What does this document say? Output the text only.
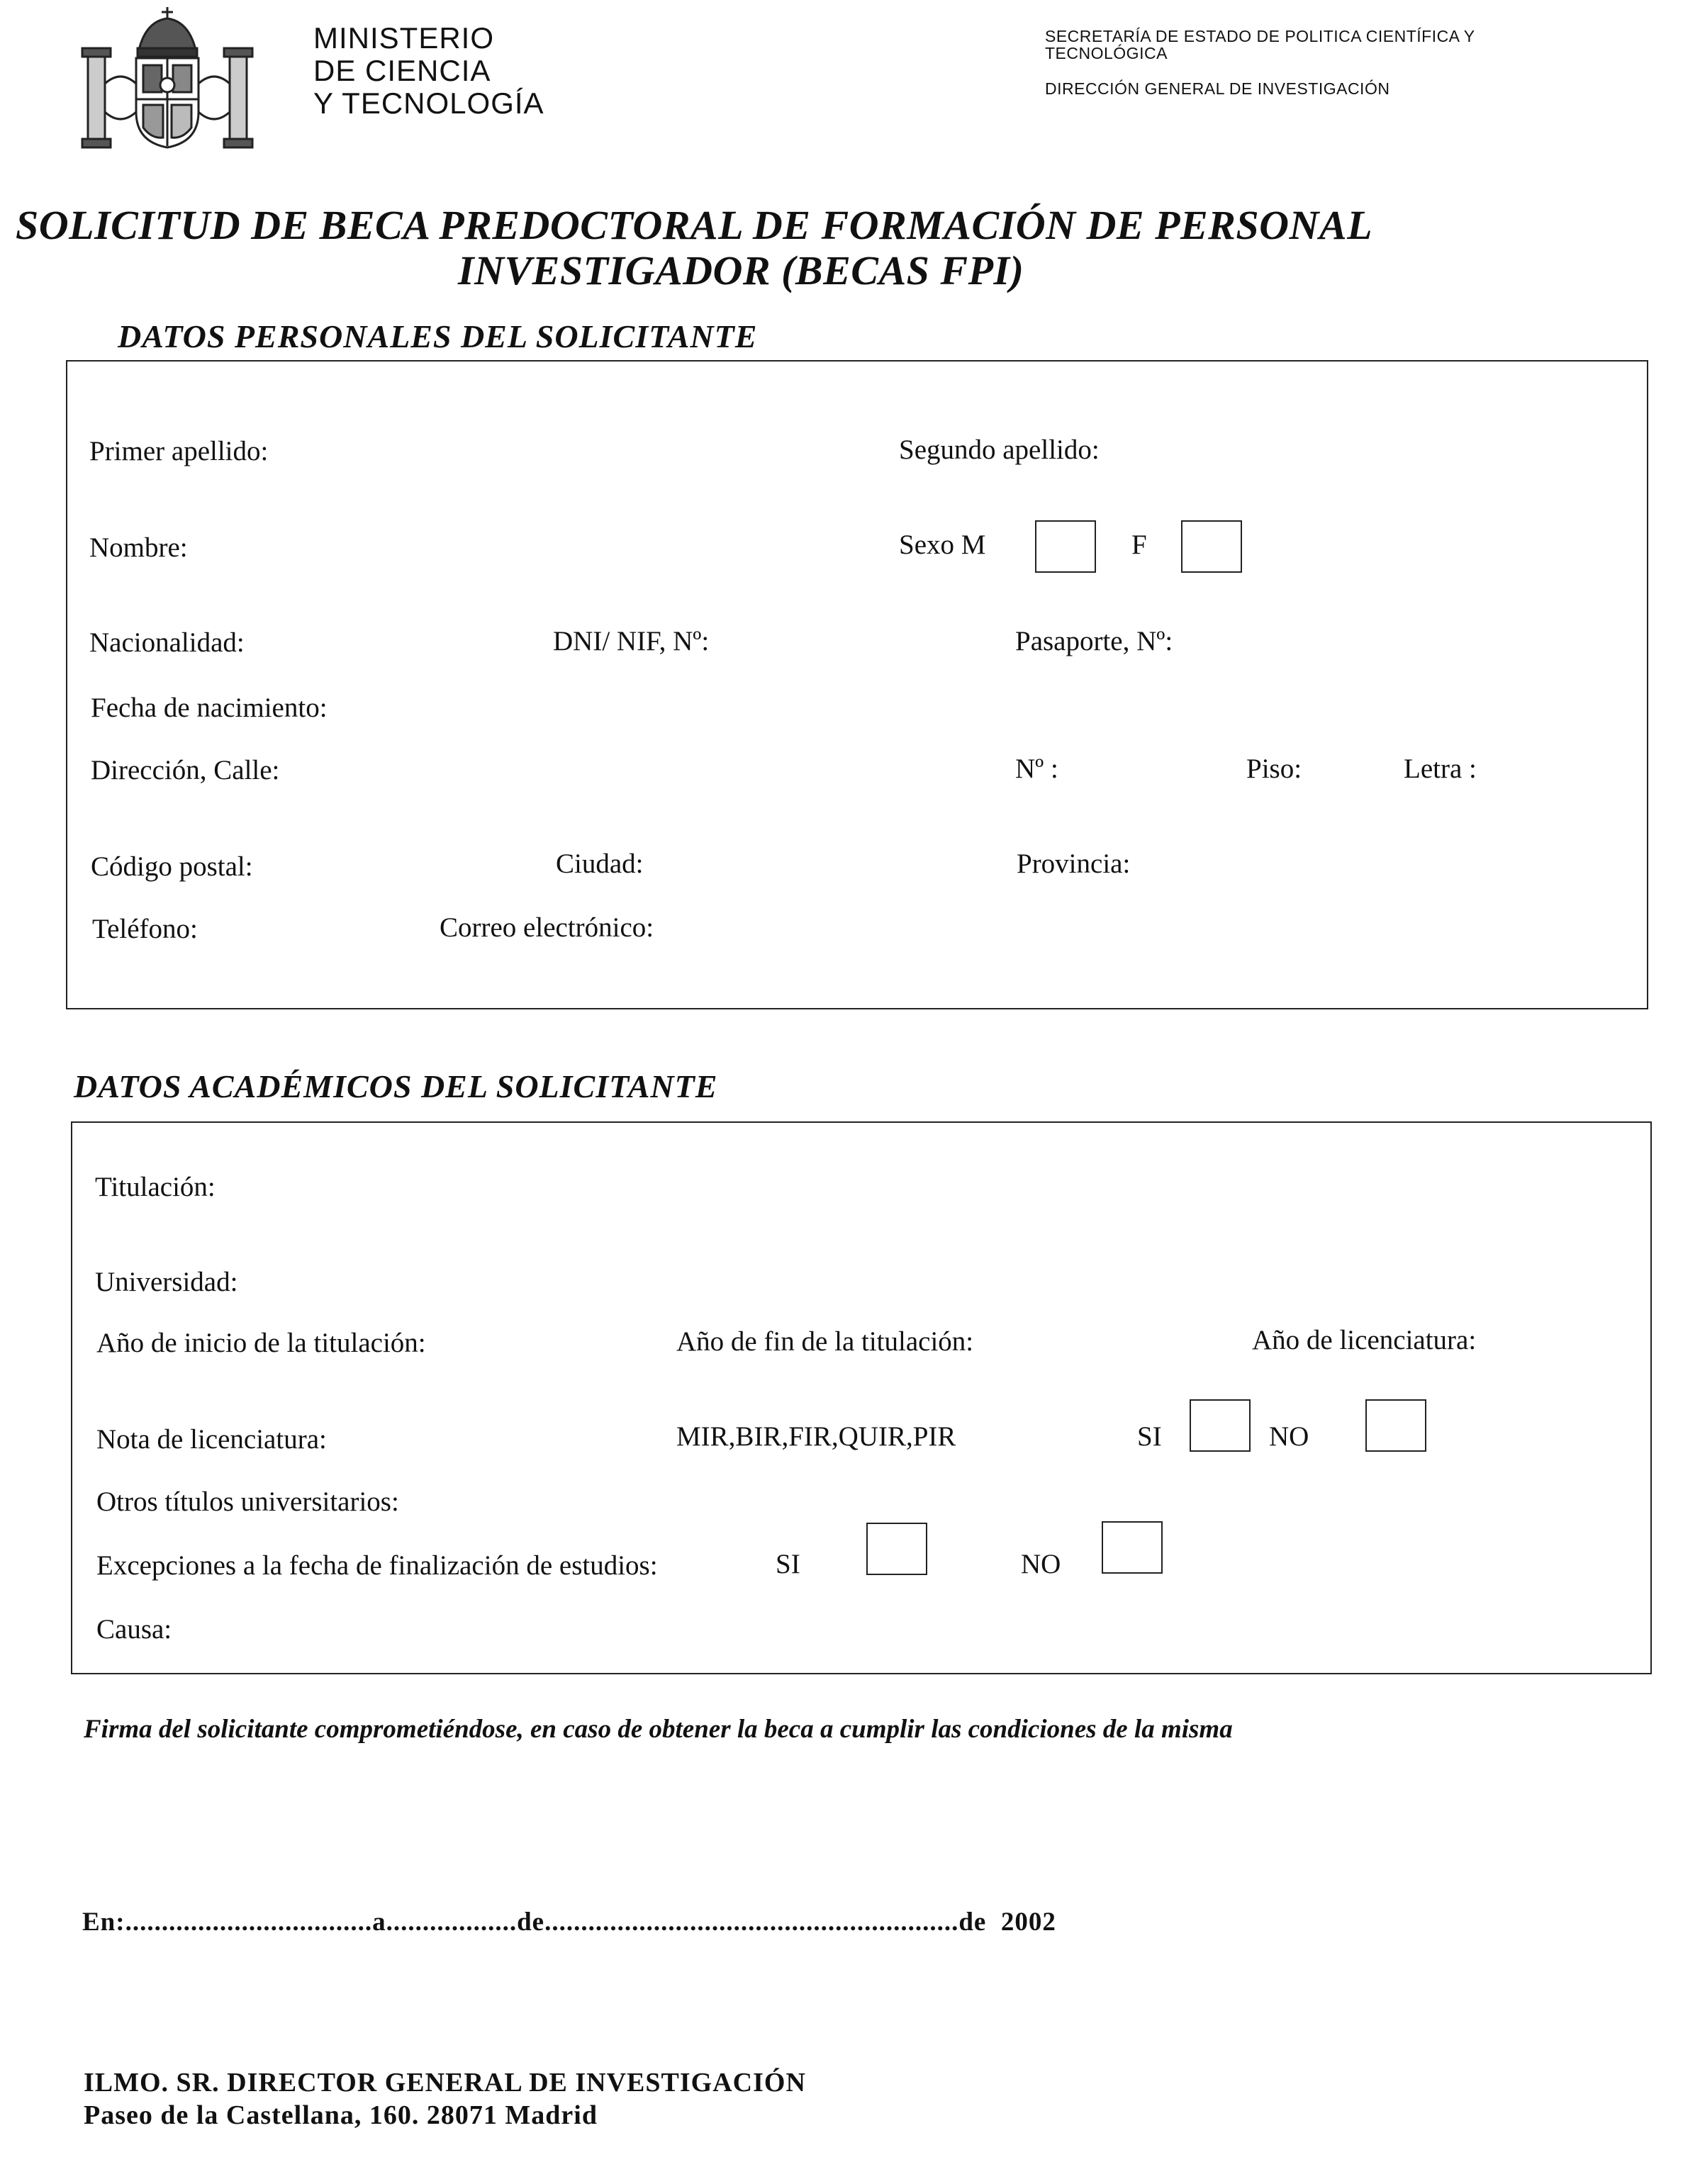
MINISTERIO
DE CIENCIA
Y TECNOLOGÍA
SECRETARÍA DE ESTADO DE POLITICA CIENTÍFICA Y
TECNOLÓGICA
DIRECCIÓN GENERAL DE INVESTIGACIÓN
SOLICITUD DE BECA PREDOCTORAL DE FORMACIÓN DE PERSONAL
INVESTIGADOR (BECAS FPI)
DATOS PERSONALES DEL SOLICITANTE
Primer apellido:	Segundo apellido:
Nombre:	Sexo M	F
Nacionalidad:	DNI/ NIF, Nº:	Pasaporte, Nº:
Fecha de nacimiento:
Dirección, Calle:	Nº :	Piso:	Letra :
Código postal:	Ciudad:	Provincia:
Teléfono:	Correo electrónico:
DATOS ACADÉMICOS DEL SOLICITANTE
Titulación:
Universidad:
Año de inicio de la titulación:	Año de fin de la titulación:	Año de licenciatura:
Nota de licenciatura:	MIR,BIR,FIR,QUIR,PIR	SI	NO
Otros títulos universitarios:
Excepciones a la fecha de finalización de estudios:	SI	NO
Causa:
Firma del solicitante comprometiéndose, en caso de obtener la beca a cumplir las condiciones de la misma
En:..................................a..................de.........................................................de 2002
ILMO. SR. DIRECTOR GENERAL DE INVESTIGACIÓN
Paseo de la Castellana, 160. 28071 Madrid
